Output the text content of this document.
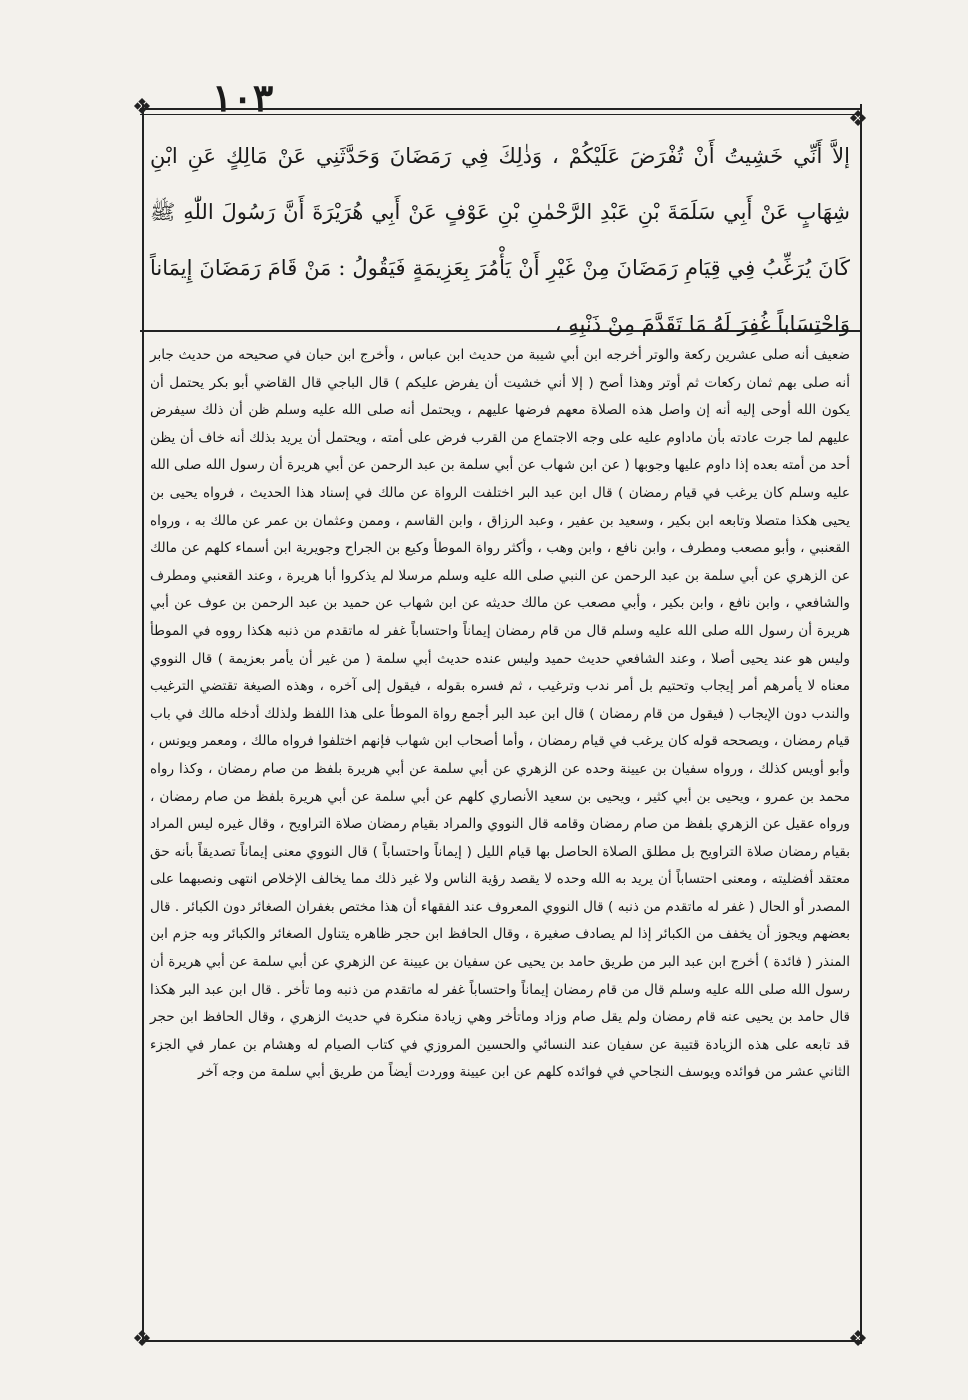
١٠٣
❖	❖
❖	❖

إلاَّ أَنِّي خَشِيتُ أَنْ تُفْرَضَ عَلَيْكُمْ ، وَذٰلِكَ فِي رَمَضَانَ وَحَدَّثَنِي عَنْ مَالِكٍ عَنِ ابْنِ شِهَابٍ عَنْ أَبِي سَلَمَةَ بْنِ عَبْدِ الرَّحْمٰنِ بْنِ عَوْفٍ عَنْ أَبِي هُرَيْرَةَ أَنَّ رَسُولَ اللّٰهِ ﷺ كَانَ يُرَغِّبُ فِي قِيَامِ رَمَضَانَ مِنْ غَيْرِ أَنْ يَأْمُرَ بِعَزِيمَةٍ فَيَقُولُ : مَنْ قَامَ رَمَضَانَ إِيمَاناً وَاحْتِسَاباً غُفِرَ لَهُ مَا تَقَدَّمَ مِنْ ذَنْبِهِ ،

ضعيف أنه صلى عشرين ركعة والوتر أخرجه ابن أبي شيبة من حديث ابن عباس ، وأخرج ابن حبان في صحيحه من حديث جابر أنه صلى بهم ثمان ركعات ثم أوتر وهذا أصح ( إلا أني خشيت أن يفرض عليكم ) قال الباجي قال القاضي أبو بكر يحتمل أن يكون الله أوحى إليه أنه إن واصل هذه الصلاة معهم فرضها عليهم ، ويحتمل أنه صلى الله عليه وسلم ظن أن ذلك سيفرض عليهم لما جرت عادته بأن ماداوم عليه على وجه الاجتماع من القرب فرض على أمته ، ويحتمل أن يريد بذلك أنه خاف أن يظن أحد من أمته بعده إذا داوم عليها وجوبها ( عن ابن شهاب عن أبي سلمة بن عبد الرحمن عن أبي هريرة أن رسول الله صلى الله عليه وسلم كان يرغب في قيام رمضان ) قال ابن عبد البر اختلفت الرواة عن مالك في إسناد هذا الحديث ، فرواه يحيى بن يحيى هكذا متصلا وتابعه ابن بكير ، وسعيد بن عفير ، وعبد الرزاق ، وابن القاسم ، وممن وعثمان بن عمر عن مالك به ، ورواه القعنبي ، وأبو مصعب ومطرف ، وابن نافع ، وابن وهب ، وأكثر رواة الموطأ وكيع بن الجراح وجويرية ابن أسماء كلهم عن مالك عن الزهري عن أبي سلمة بن عبد الرحمن عن النبي صلى الله عليه وسلم مرسلا لم يذكروا أبا هريرة ، وعند القعنبي ومطرف والشافعي ، وابن نافع ، وابن بكير ، وأبي مصعب عن مالك حديثه عن ابن شهاب عن حميد بن عبد الرحمن بن عوف عن أبي هريرة أن رسول الله صلى الله عليه وسلم قال من قام رمضان إيماناً واحتساباً غفر له ماتقدم من ذنبه هكذا رووه في الموطأ وليس هو عند يحيى أصلا ، وعند الشافعي حديث حميد وليس عنده حديث أبي سلمة ( من غير أن يأمر بعزيمة ) قال النووي معناه لا يأمرهم أمر إيجاب وتحتيم بل أمر ندب وترغيب ، ثم فسره بقوله ، فيقول إلى آخره ، وهذه الصيغة تقتضي الترغيب والندب دون الإيجاب ( فيقول من قام رمضان ) قال ابن عبد البر أجمع رواة الموطأ على هذا اللفظ ولذلك أدخله مالك في باب قيام رمضان ، ويصححه قوله كان يرغب في قيام رمضان ، وأما أصحاب ابن شهاب فإنهم اختلفوا فرواه مالك ، ومعمر ويونس ، وأبو أويس كذلك ، ورواه سفيان بن عيينة وحده عن الزهري عن أبي سلمة عن أبي هريرة بلفظ من صام رمضان ، وكذا رواه محمد بن عمرو ، ويحيى بن أبي كثير ، ويحيى بن سعيد الأنصاري كلهم عن أبي سلمة عن أبي هريرة بلفظ من صام رمضان ، ورواه عقيل عن الزهري بلفظ من صام رمضان وقامه قال النووي والمراد بقيام رمضان صلاة التراويح ، وقال غيره ليس المراد بقيام رمضان صلاة التراويح بل مطلق الصلاة الحاصل بها قيام الليل ( إيماناً واحتساباً ) قال النووي معنى إيماناً تصديقاً بأنه حق معتقد أفضليته ، ومعنى احتساباً أن يريد به الله وحده لا يقصد رؤية الناس ولا غير ذلك مما يخالف الإخلاص انتهى ونصبهما على المصدر أو الحال ( غفر له ماتقدم من ذنبه ) قال النووي المعروف عند الفقهاء أن هذا مختص بغفران الصغائر دون الكبائر . قال بعضهم ويجوز أن يخفف من الكبائر إذا لم يصادف صغيرة ، وقال الحافظ ابن حجر ظاهره يتناول الصغائر والكبائر وبه جزم ابن المنذر ( فائدة ) أخرج ابن عبد البر من طريق حامد بن يحيى عن سفيان بن عيينة عن الزهري عن أبي سلمة عن أبي هريرة أن رسول الله صلى الله عليه وسلم قال من قام رمضان إيماناً واحتساباً غفر له ماتقدم من ذنبه وما تأخر . قال ابن عبد البر هكذا قال حامد بن يحيى عنه قام رمضان ولم يقل صام وزاد وماتأخر وهي زيادة منكرة في حديث الزهري ، وقال الحافظ ابن حجر قد تابعه على هذه الزيادة قتيبة عن سفيان عند النسائي والحسين المروزي في كتاب الصيام له وهشام بن عمار في الجزء الثاني عشر من فوائده ويوسف النجاحي في فوائده كلهم عن ابن عيينة ووردت أيضاً من طريق أبي سلمة من وجه آخر
